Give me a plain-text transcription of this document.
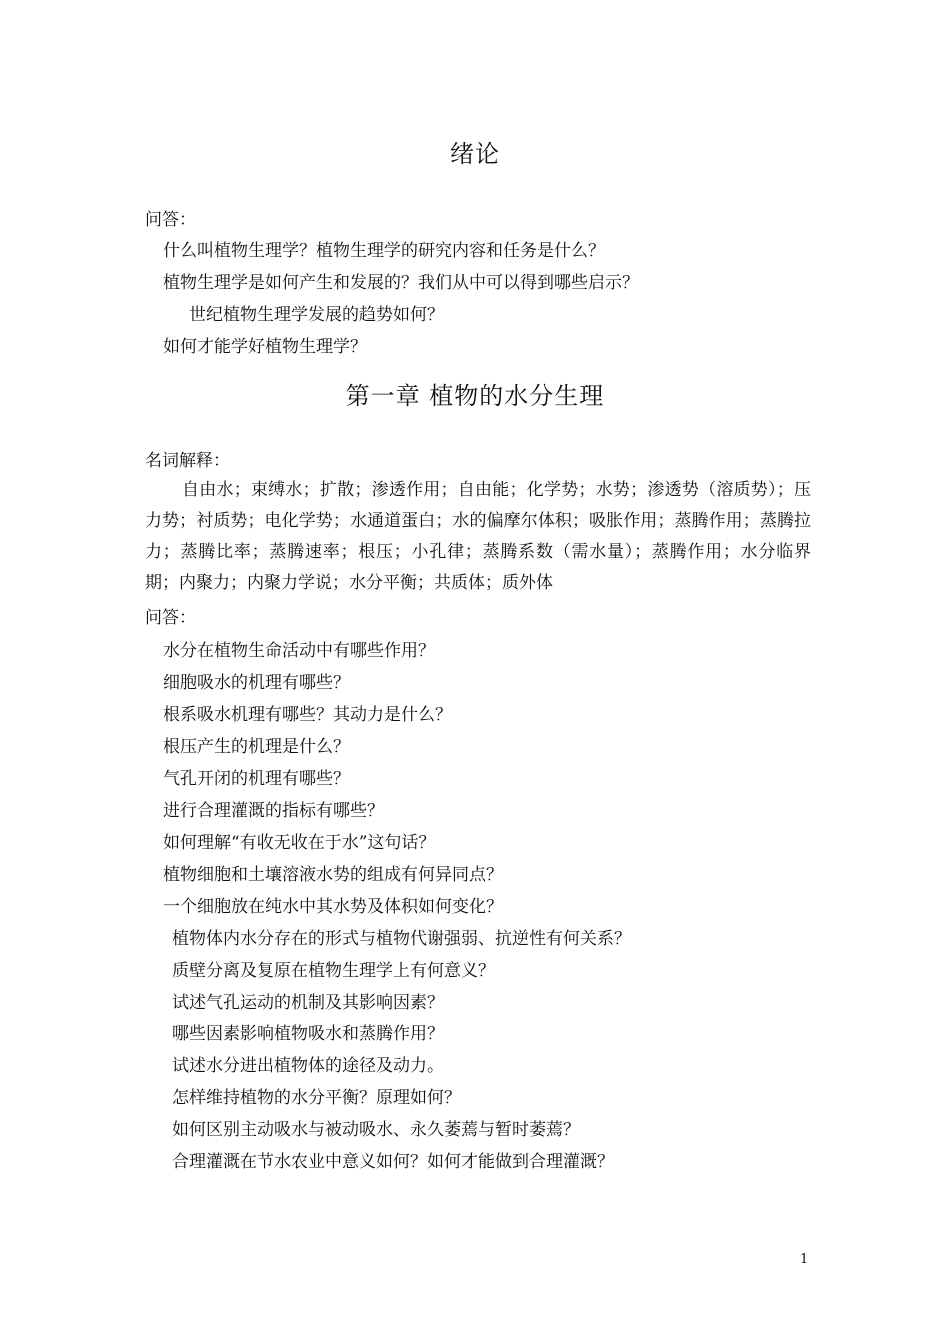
绪论

问答：

什么叫植物生理学？植物生理学的研究内容和任务是什么？
植物生理学是如何产生和发展的？我们从中可以得到哪些启示？
世纪植物生理学发展的趋势如何？
如何才能学好植物生理学？
第一章 植物的水分生理

名词解释：

自由水；束缚水；扩散；渗透作用；自由能；化学势；水势；渗透势（溶质势）；压力势；衬质势；电化学势；水通道蛋白；水的偏摩尔体积；吸胀作用；蒸腾作用；蒸腾拉力；蒸腾比率；蒸腾速率；根压；小孔律；蒸腾系数（需水量）；蒸腾作用；水分临界期；内聚力；内聚力学说；水分平衡；共质体；质外体

问答：

水分在植物生命活动中有哪些作用？
细胞吸水的机理有哪些？
根系吸水机理有哪些？其动力是什么？
根压产生的机理是什么？
气孔开闭的机理有哪些？
进行合理灌溉的指标有哪些？
如何理解“有收无收在于水”这句话？
植物细胞和土壤溶液水势的组成有何异同点？
一个细胞放在纯水中其水势及体积如何变化？
植物体内水分存在的形式与植物代谢强弱、抗逆性有何关系？
质壁分离及复原在植物生理学上有何意义？
试述气孔运动的机制及其影响因素？
哪些因素影响植物吸水和蒸腾作用？
试述水分进出植物体的途径及动力。
怎样维持植物的水分平衡？原理如何？
如何区别主动吸水与被动吸水、永久萎蔫与暂时萎蔫？
合理灌溉在节水农业中意义如何？如何才能做到合理灌溉？
1
